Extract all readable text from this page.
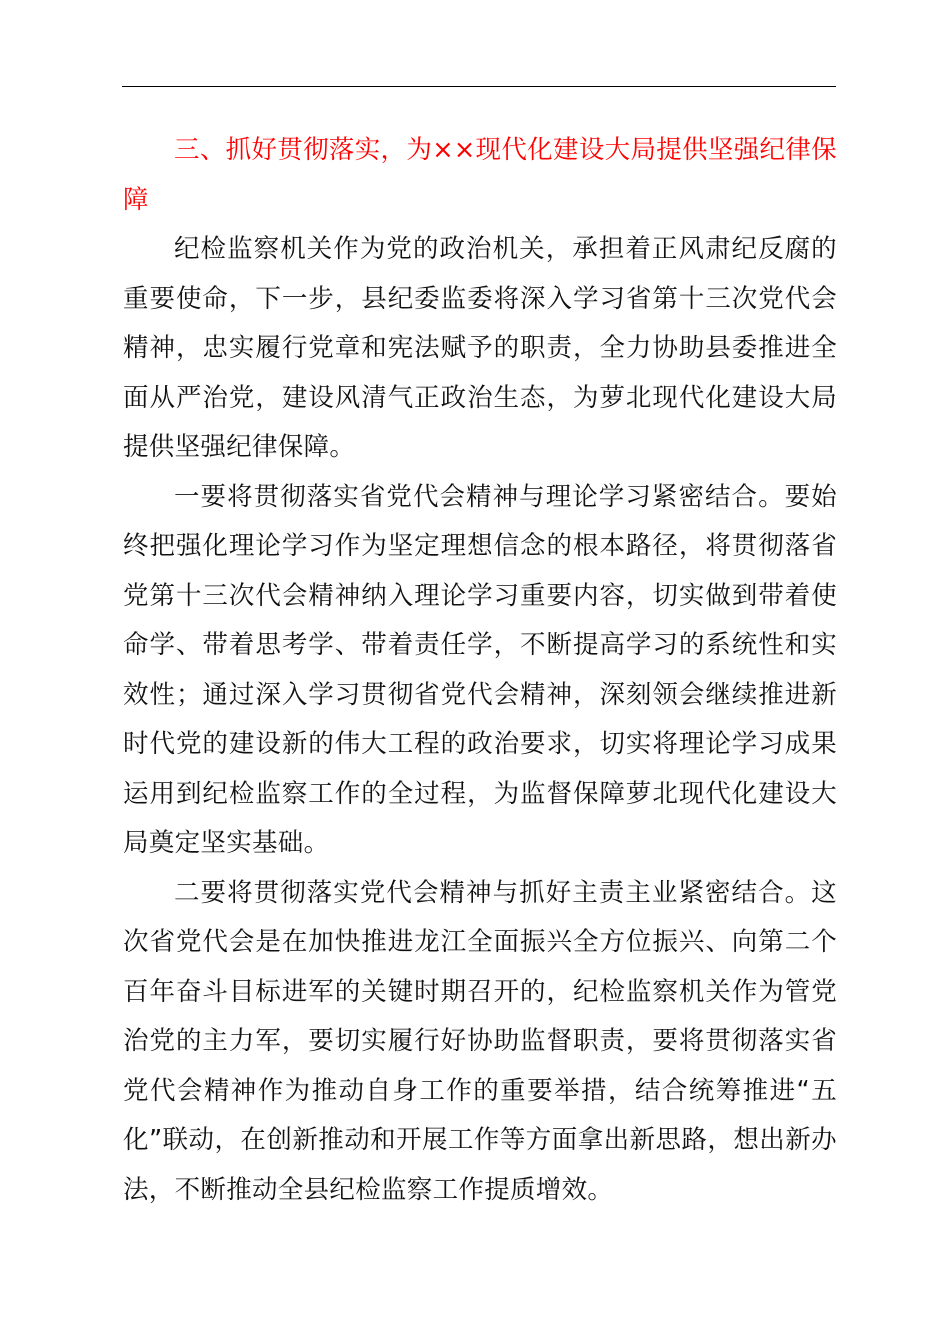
三、抓好贯彻落实，为××现代化建设大局提供坚强纪律保障

纪检监察机关作为党的政治机关，承担着正风肃纪反腐的重要使命，下一步，县纪委监委将深入学习省第十三次党代会精神，忠实履行党章和宪法赋予的职责，全力协助县委推进全面从严治党，建设风清气正政治生态，为萝北现代化建设大局提供坚强纪律保障。

一要将贯彻落实省党代会精神与理论学习紧密结合。要始终把强化理论学习作为坚定理想信念的根本路径，将贯彻落省党第十三次代会精神纳入理论学习重要内容，切实做到带着使命学、带着思考学、带着责任学，不断提高学习的系统性和实效性；通过深入学习贯彻省党代会精神，深刻领会继续推进新时代党的建设新的伟大工程的政治要求，切实将理论学习成果运用到纪检监察工作的全过程，为监督保障萝北现代化建设大局奠定坚实基础。

二要将贯彻落实党代会精神与抓好主责主业紧密结合。这次省党代会是在加快推进龙江全面振兴全方位振兴、向第二个百年奋斗目标进军的关键时期召开的，纪检监察机关作为管党治党的主力军，要切实履行好协助监督职责，要将贯彻落实省党代会精神作为推动自身工作的重要举措，结合统筹推进“五化”联动，在创新推动和开展工作等方面拿出新思路，想出新办法，不断推动全县纪检监察工作提质增效。
